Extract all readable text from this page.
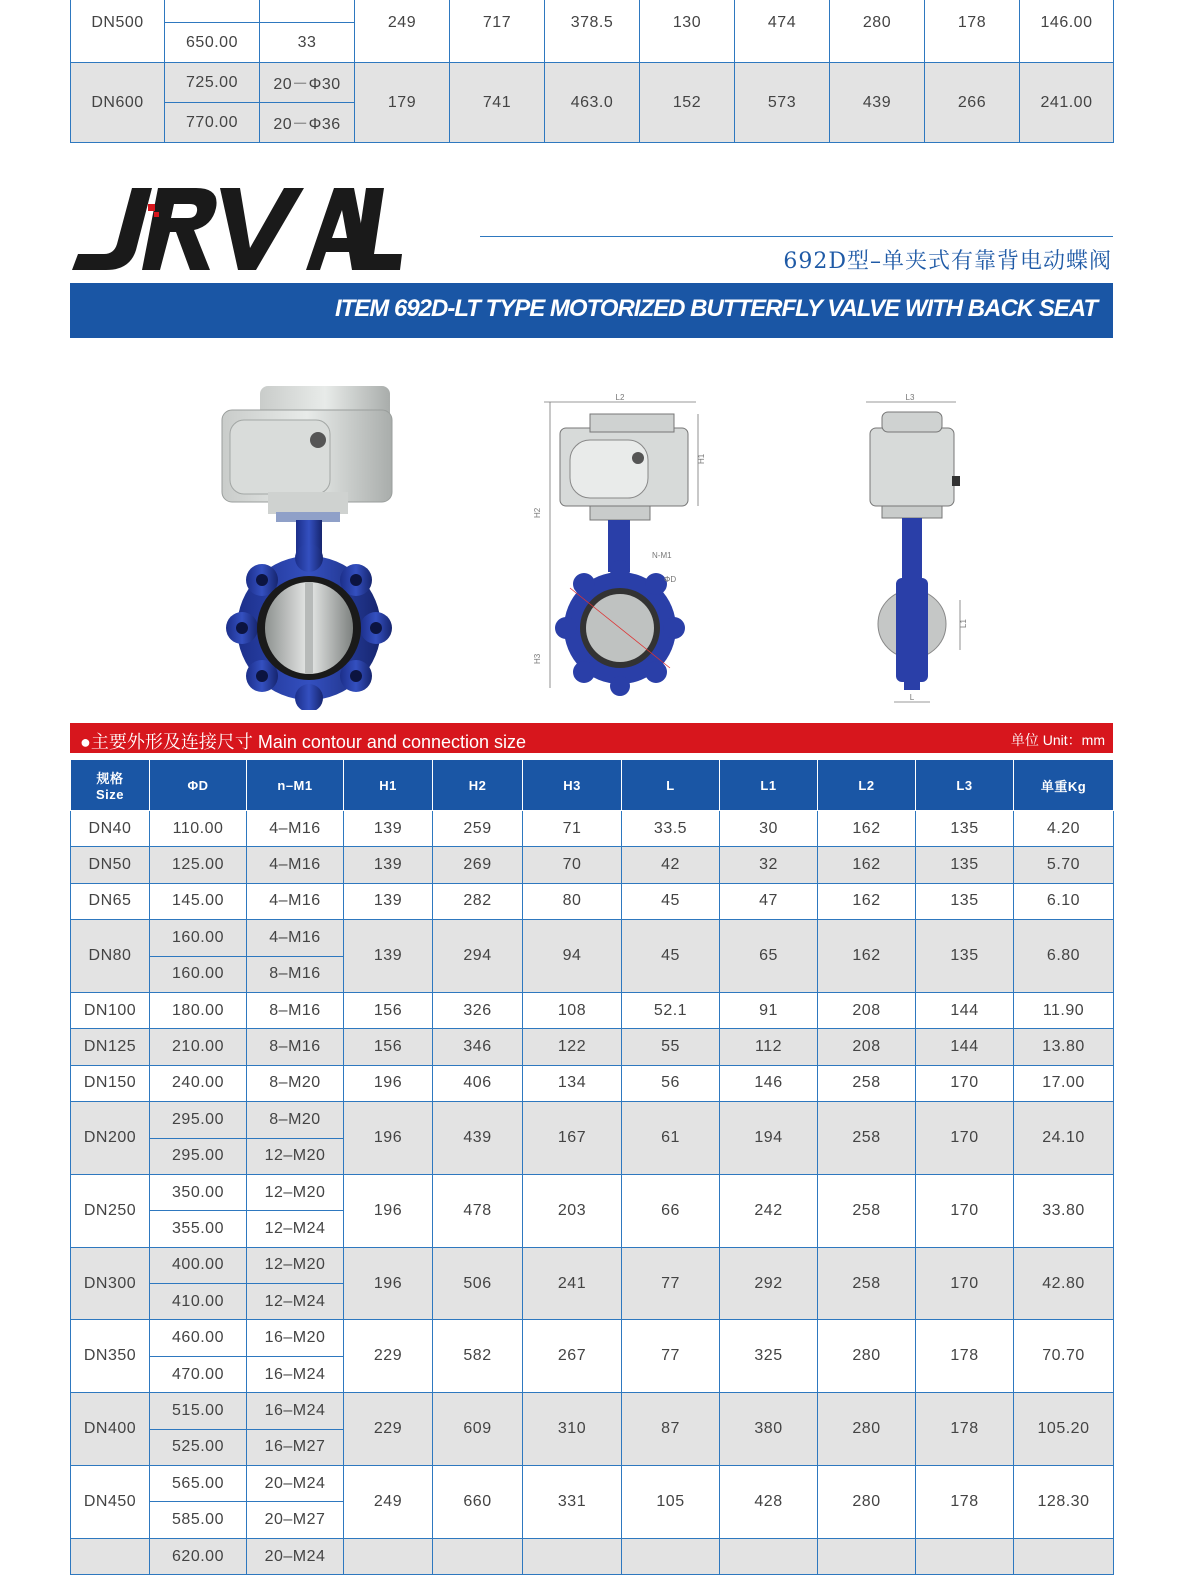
DN500			249	717	378.5	130	474	280	178	146.00
	650.00	33								
DN600	725.00	20－Φ30	179	741	463.0	152	573	439	266	241.00
	770.00	20－Φ36								
692D型–单夹式有靠背电动蝶阀
ITEM 692D-LT TYPE MOTORIZED BUTTERFLY VALVE WITH BACK SEAT
L2
H2
H1
H3
N-M1
ΦD
L3
L1
L
●主要外形及连接尺寸 Main contour and connection size	单位 Unit：mm
规格
Size	ΦD	n–M1	H1	H2	H3	L	L1	L2	L3	单重Kg
DN40	110.00	4–M16	139	259	71	33.5	30	162	135	4.20
DN50	125.00	4–M16	139	269	70	42	32	162	135	5.70
DN65	145.00	4–M16	139	282	80	45	47	162	135	6.10
DN80	160.00	4–M16	139	294	94	45	65	162	135	6.80
	160.00	8–M16								
DN100	180.00	8–M16	156	326	108	52.1	91	208	144	11.90
DN125	210.00	8–M16	156	346	122	55	112	208	144	13.80
DN150	240.00	8–M20	196	406	134	56	146	258	170	17.00
DN200	295.00	8–M20	196	439	167	61	194	258	170	24.10
	295.00	12–M20								
DN250	350.00	12–M20	196	478	203	66	242	258	170	33.80
	355.00	12–M24								
DN300	400.00	12–M20	196	506	241	77	292	258	170	42.80
	410.00	12–M24								
DN350	460.00	16–M20	229	582	267	77	325	280	178	70.70
	470.00	16–M24								
DN400	515.00	16–M24	229	609	310	87	380	280	178	105.20
	525.00	16–M27								
DN450	565.00	20–M24	249	660	331	105	428	280	178	128.30
	585.00	20–M27								
	620.00	20–M24								
